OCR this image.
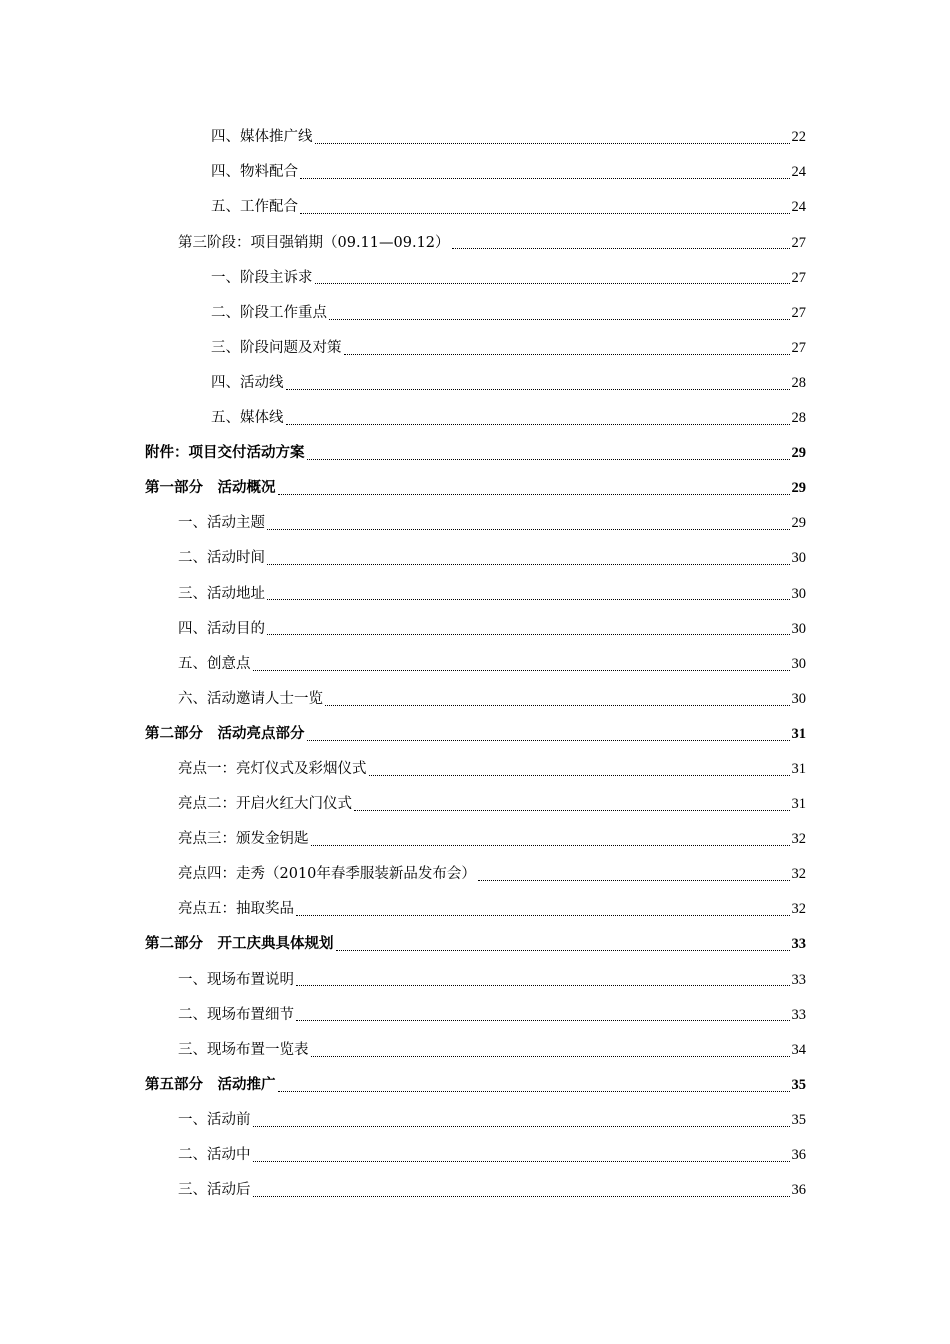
四、媒体推广线	22
四、物料配合	24
五、工作配合	24
第三阶段：项目强销期（09.11—09.12）	27
一、阶段主诉求	27
二、阶段工作重点	27
三、阶段问题及对策	27
四、活动线	28
五、媒体线	28
附件：项目交付活动方案	29
第一部分　活动概况	29
一、活动主题	29
二、活动时间	30
三、活动地址	30
四、活动目的	30
五、创意点	30
六、活动邀请人士一览	30
第二部分　活动亮点部分	31
亮点一：亮灯仪式及彩烟仪式	31
亮点二：开启火红大门仪式	31
亮点三：颁发金钥匙	32
亮点四：走秀（2010年春季服装新品发布会）	32
亮点五：抽取奖品	32
第二部分　开工庆典具体规划	33
一、现场布置说明	33
二、现场布置细节	33
三、现场布置一览表	34
第五部分　活动推广	35
一、活动前	35
二、活动中	36
三、活动后	36
